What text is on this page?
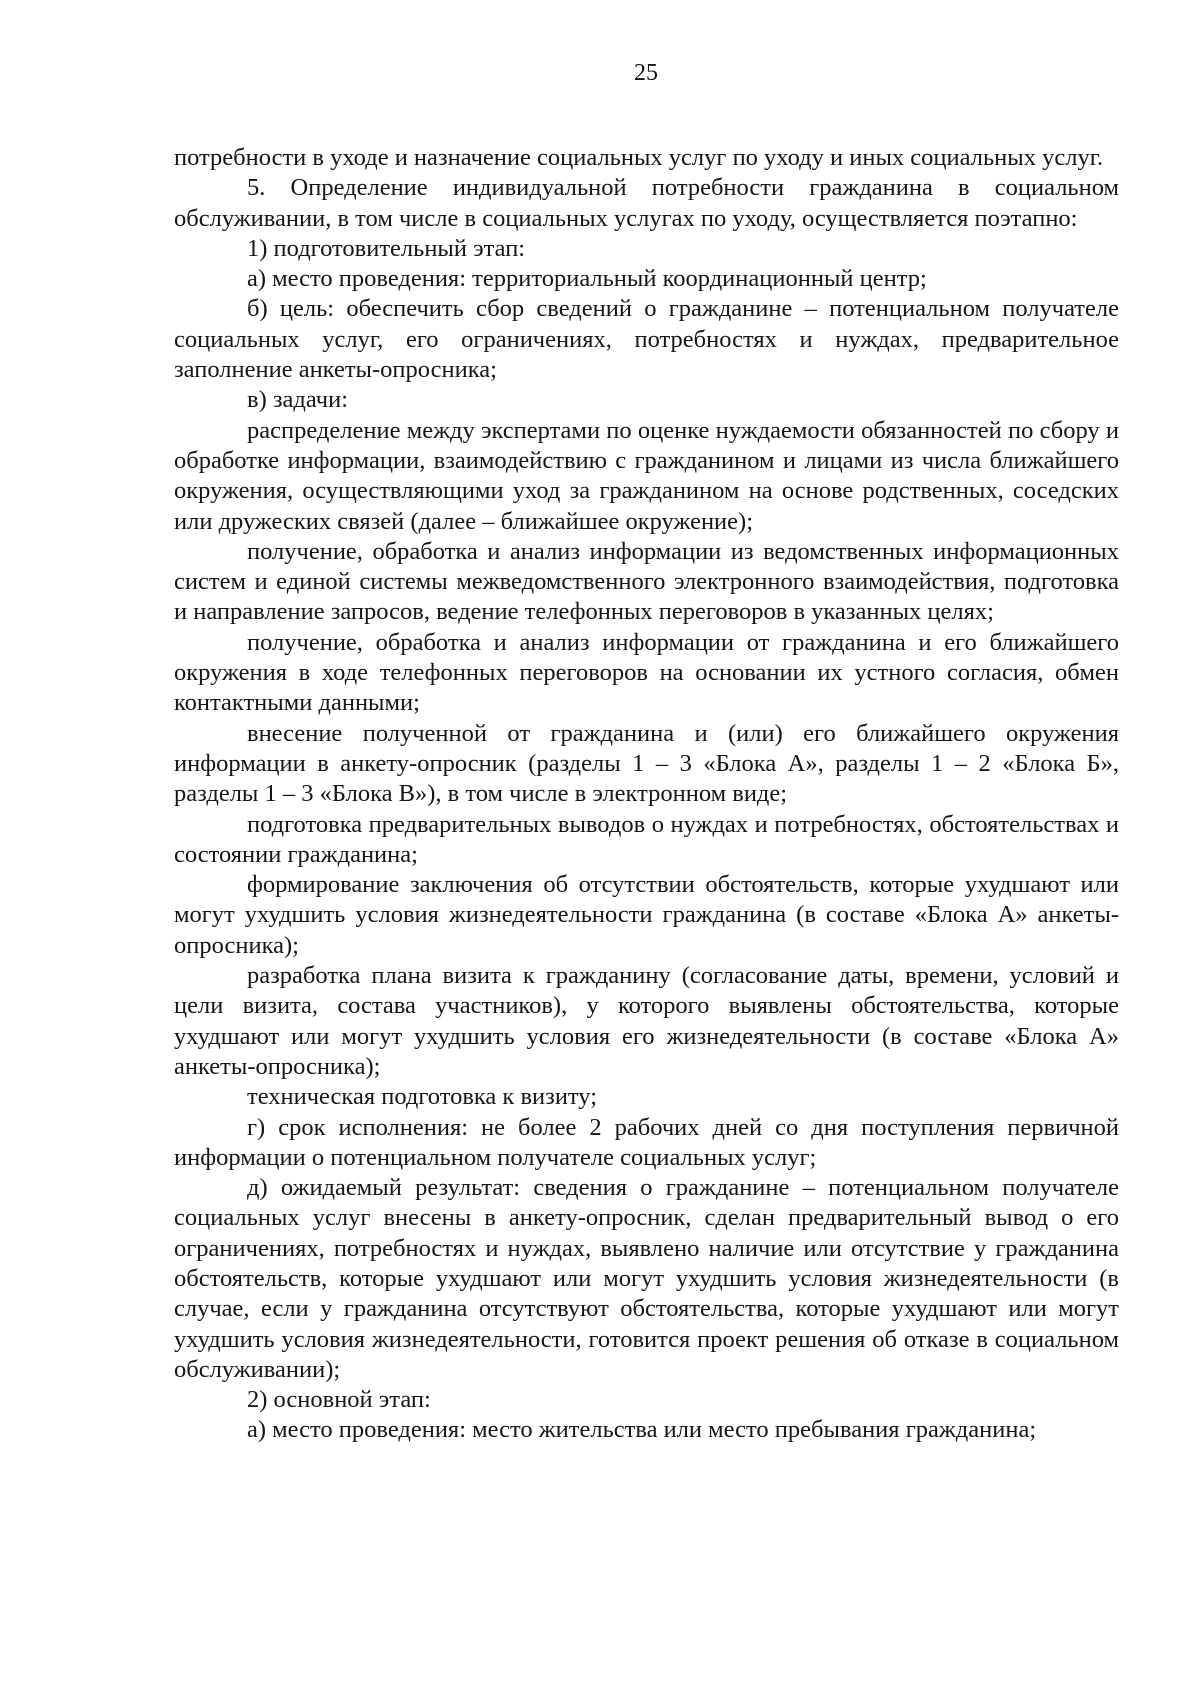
25

потребности в уходе и назначение социальных услуг по уходу и иных социальных услуг.

5. Определение индивидуальной потребности гражданина в социальном обслуживании, в том числе в социальных услугах по уходу, осуществляется поэтапно:

1) подготовительный этап:

а) место проведения: территориальный координационный центр;

б) цель: обеспечить сбор сведений о гражданине – потенциальном получателе социальных услуг, его ограничениях, потребностях и нуждах, предварительное заполнение анкеты-опросника;

в) задачи:

распределение между экспертами по оценке нуждаемости обязанностей по сбору и обработке информации, взаимодействию с гражданином и лицами из числа ближайшего окружения, осуществляющими уход за гражданином на основе родственных, соседских или дружеских связей (далее – ближайшее окружение);

получение, обработка и анализ информации из ведомственных информационных систем и единой системы межведомственного электронного взаимодействия, подготовка и направление запросов, ведение телефонных переговоров в указанных целях;

получение, обработка и анализ информации от гражданина и его ближайшего окружения в ходе телефонных переговоров на основании их устного согласия, обмен контактными данными;

внесение полученной от гражданина и (или) его ближайшего окружения информации в анкету-опросник (разделы 1 – 3 «Блока А», разделы 1 – 2 «Блока Б», разделы 1 – 3 «Блока В»), в том числе в электронном виде;

подготовка предварительных выводов о нуждах и потребностях, обстоятельствах и состоянии гражданина;

формирование заключения об отсутствии обстоятельств, которые ухудшают или могут ухудшить условия жизнедеятельности гражданина (в составе «Блока А» анкеты-опросника);

разработка плана визита к гражданину (согласование даты, времени, условий и цели визита, состава участников), у которого выявлены обстоятельства, которые ухудшают или могут ухудшить условия его жизнедеятельности (в составе «Блока А» анкеты-опросника);

техническая подготовка к визиту;

г) срок исполнения: не более 2 рабочих дней со дня поступления первичной информации о потенциальном получателе социальных услуг;

д) ожидаемый результат: сведения о гражданине – потенциальном получателе социальных услуг внесены в анкету-опросник, сделан предварительный вывод о его ограничениях, потребностях и нуждах, выявлено наличие или отсутствие у гражданина обстоятельств, которые ухудшают или могут ухудшить условия жизнедеятельности (в случае, если у гражданина отсутствуют обстоятельства, которые ухудшают или могут ухудшить условия жизнедеятельности, готовится проект решения об отказе в социальном обслуживании);

2) основной этап:

а) место проведения: место жительства или место пребывания гражданина;
